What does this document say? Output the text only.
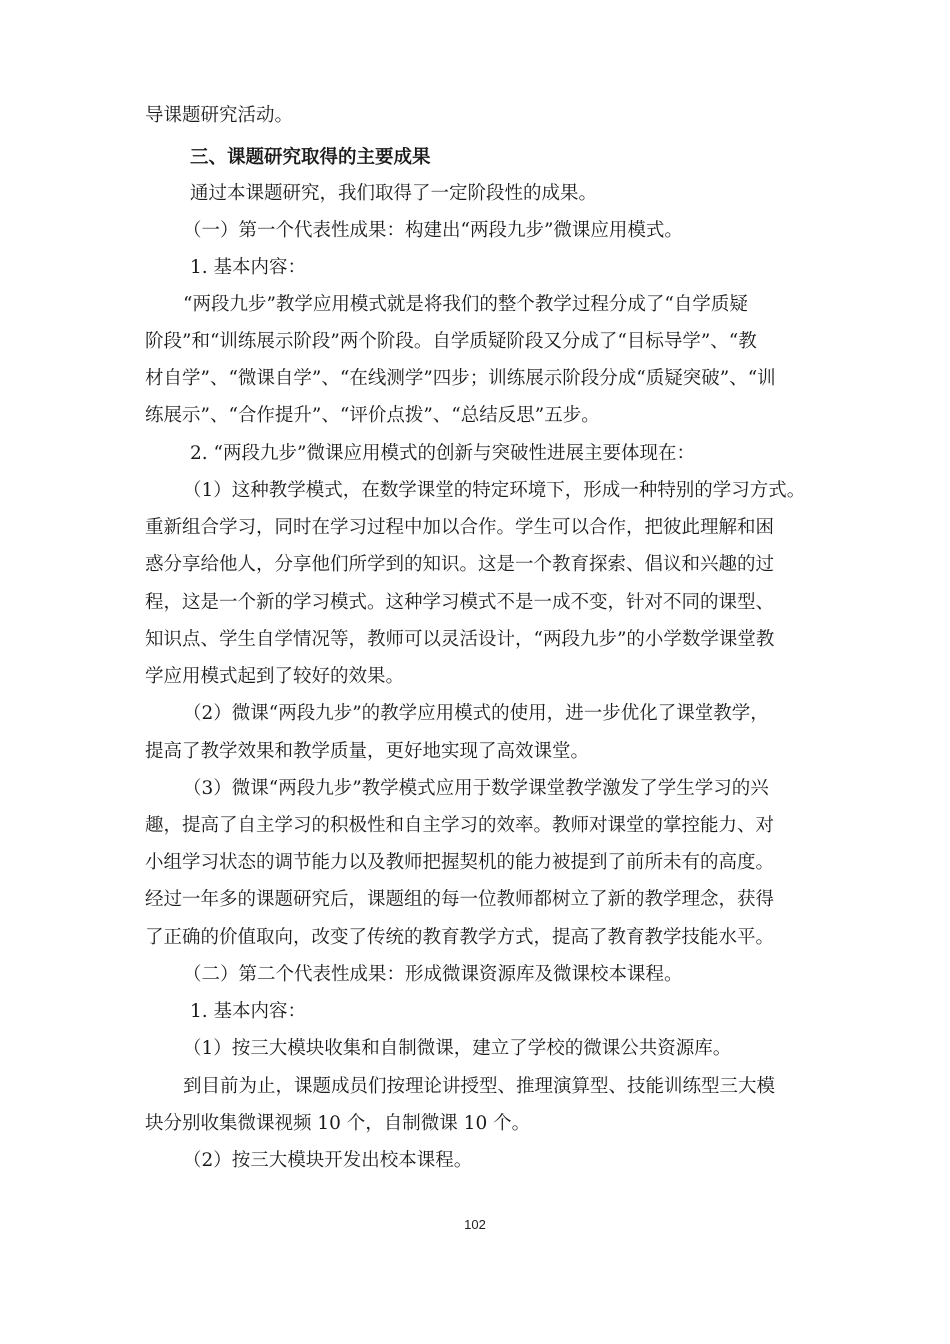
导课题研究活动。
三、课题研究取得的主要成果
通过本课题研究，我们取得了一定阶段性的成果。
（一）第一个代表性成果：构建出“两段九步”微课应用模式。
1. 基本内容：
“两段九步”教学应用模式就是将我们的整个教学过程分成了“自学质疑
阶段”和“训练展示阶段”两个阶段。自学质疑阶段又分成了“目标导学”、“教
材自学”、“微课自学”、“在线测学”四步；训练展示阶段分成“质疑突破”、“训
练展示”、“合作提升”、“评价点拨”、“总结反思”五步。
2. “两段九步”微课应用模式的创新与突破性进展主要体现在：
（1）这种教学模式，在数学课堂的特定环境下，形成一种特别的学习方式。
重新组合学习，同时在学习过程中加以合作。学生可以合作，把彼此理解和困
惑分享给他人，分享他们所学到的知识。这是一个教育探索、倡议和兴趣的过
程，这是一个新的学习模式。这种学习模式不是一成不变，针对不同的课型、
知识点、学生自学情况等，教师可以灵活设计，“两段九步”的小学数学课堂教
学应用模式起到了较好的效果。
（2）微课“两段九步”的教学应用模式的使用，进一步优化了课堂教学，
提高了教学效果和教学质量，更好地实现了高效课堂。
（3）微课“两段九步”教学模式应用于数学课堂教学激发了学生学习的兴
趣，提高了自主学习的积极性和自主学习的效率。教师对课堂的掌控能力、对
小组学习状态的调节能力以及教师把握契机的能力被提到了前所未有的高度。
经过一年多的课题研究后，课题组的每一位教师都树立了新的教学理念，获得
了正确的价值取向，改变了传统的教育教学方式，提高了教育教学技能水平。
（二）第二个代表性成果：形成微课资源库及微课校本课程。
1. 基本内容：
（1）按三大模块收集和自制微课，建立了学校的微课公共资源库。
到目前为止，课题成员们按理论讲授型、推理演算型、技能训练型三大模
块分别收集微课视频 10 个，自制微课 10 个。
（2）按三大模块开发出校本课程。
102
